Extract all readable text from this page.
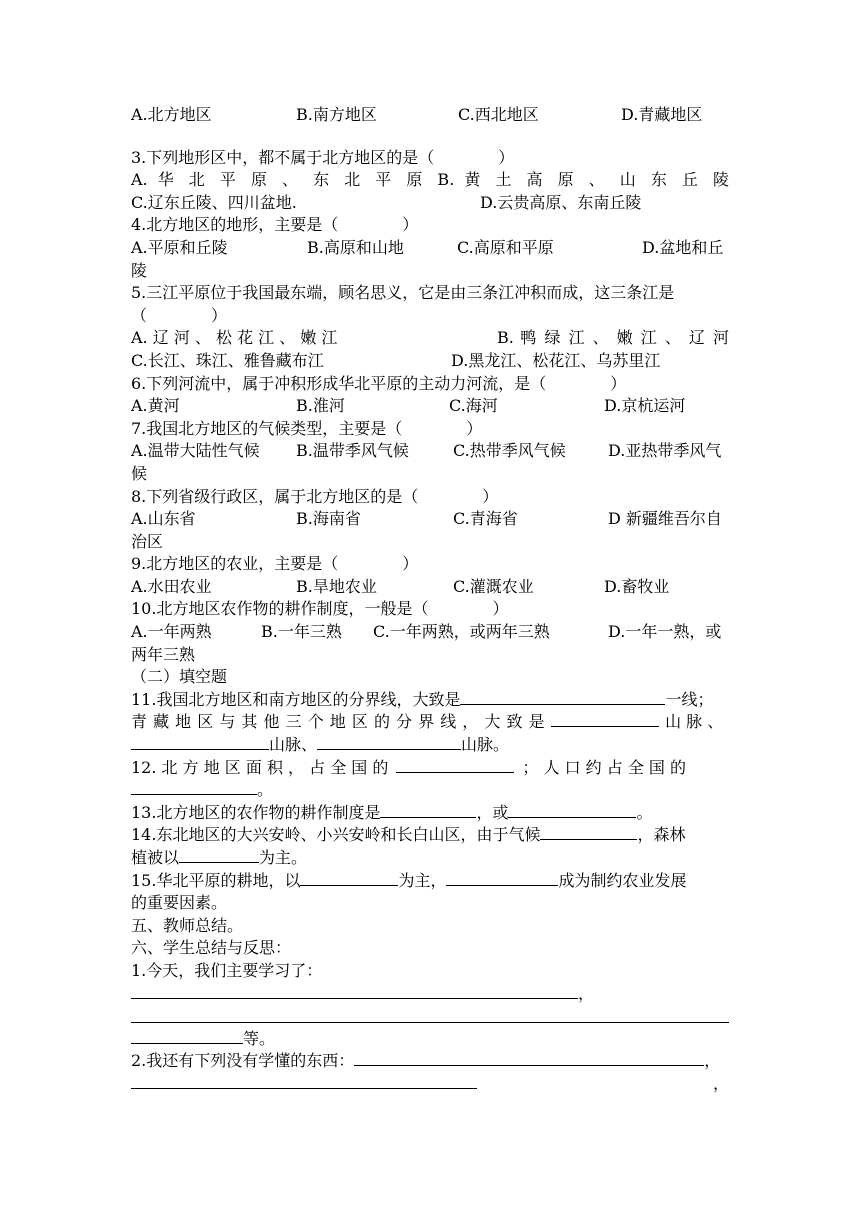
A.北方地区	B.南方地区	C.西北地区	D.青藏地区
3.下列地形区中，都不属于北方地区的是（　　　　）
A. 华 北 平 原 、 东 北 平 原 B. 黄 土 高 原 、 山 东 丘 陵
C.辽东丘陵、四川盆地.	D.云贵高原、东南丘陵
4.北方地区的地形，主要是（　　　　）
A.平原和丘陵	B.高原和山地	C.高原和平原	D.盆地和丘
陵
5.三江平原位于我国最东端，顾名思义，它是由三条江冲积而成，这三条江是
（　　　　）
A. 辽 河 、 松 花 江 、 嫩 江	B. 鸭 绿 江 、 嫩 江 、 辽 河
C.长江、珠江、雅鲁藏布江	D.黑龙江、松花江、乌苏里江
6.下列河流中，属于冲积形成华北平原的主动力河流，是（　　　　）
A.黄河	B.淮河	C.海河	D.京杭运河
7.我国北方地区的气候类型，主要是（　　　　）
A.温带大陆性气候 B.温带季风气候	C.热带季风气候	D.亚热带季风气
候
8.下列省级行政区，属于北方地区的是（　　　　）
A.山东省	B.海南省	C.青海省	D 新疆维吾尔自
治区
9.北方地区的农业，主要是（　　　　）
A.水田农业	B.旱地农业	C.灌溉农业	D.畜牧业
10.北方地区农作物的耕作制度，一般是（　　　　）
A.一年两熟	B.一年三熟 C.一年两熟，或两年三熟	D.一年一熟，或
两年三熟
（二）填空题
11.我国北方地区和南方地区的分界线，大致是	一线；
青 藏 地 区 与 其 他 三 个 地 区 的 分 界 线 ， 大 致 是	山 脉 、
山脉、	山脉。
12. 北 方 地 区 面 积 ， 占 全 国 的	； 人 口 约 占 全 国 的
。
13.北方地区的农作物的耕作制度是	，或	。
14.东北地区的大兴安岭、小兴安岭和长白山区，由于气候	，森林
植被以	为主。
15.华北平原的耕地，以	为主，	成为制约农业发展
的重要因素。
五、教师总结。
六、学生总结与反思：
1.今天，我们主要学习了：
，
等。
2.我还有下列没有学懂的东西：	，
，
